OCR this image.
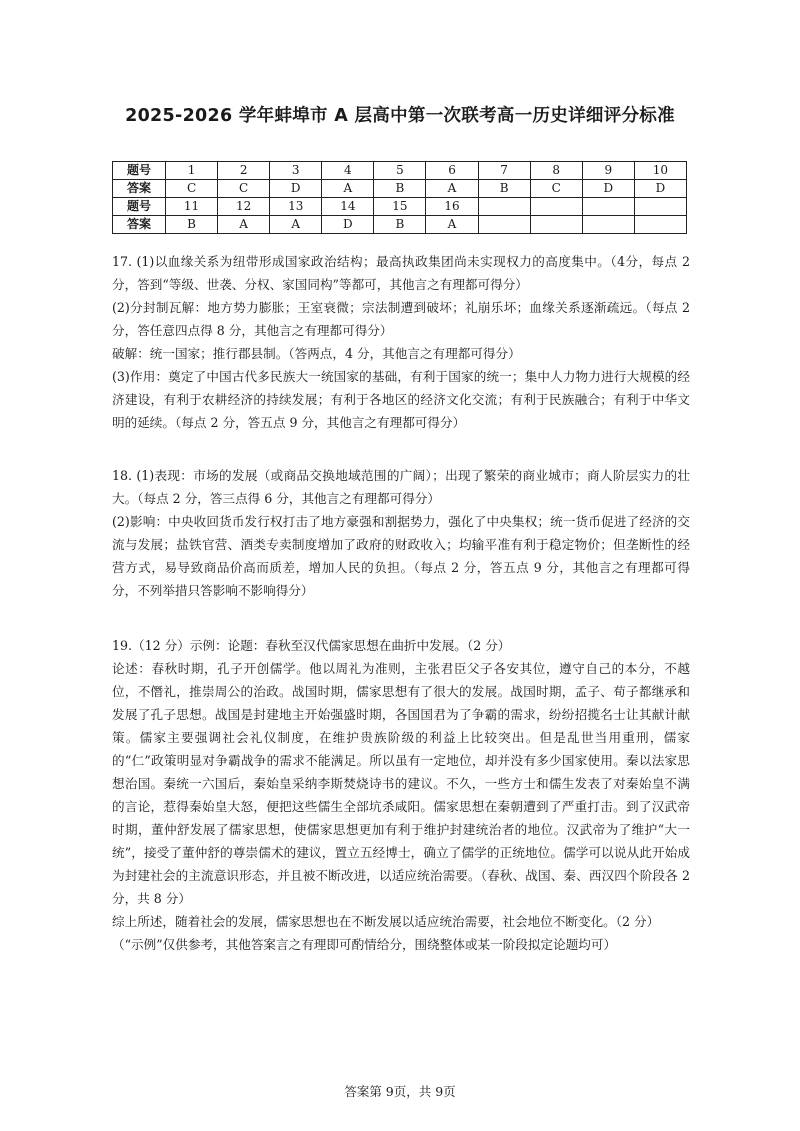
2025-2026 学年蚌埠市 A 层高中第一次联考高一历史详细评分标准
题号	1	2	3	4	5	6	7	8	9	10
答案	C	C	D	A	B	A	B	C	D	D
题号	11	12	13	14	15	16				
答案	B	A	A	D	B	A				

17. (1)以血缘关系为纽带形成国家政治结构；最高执政集团尚未实现权力的高度集中。（4分，每点 2 分，答到“等级、世袭、分权、家国同构”等都可，其他言之有理都可得分）

(2)分封制瓦解：地方势力膨胀；王室衰微；宗法制遭到破坏；礼崩乐坏；血缘关系逐渐疏远。（每点 2 分，答任意四点得 8 分，其他言之有理都可得分）

破解：统一国家；推行郡县制。（答两点，4 分，其他言之有理都可得分）

(3)作用：奠定了中国古代多民族大一统国家的基础，有利于国家的统一；集中人力物力进行大规模的经济建设，有利于农耕经济的持续发展；有利于各地区的经济文化交流；有利于民族融合；有利于中华文明的延续。（每点 2 分，答五点 9 分，其他言之有理都可得分）

18. (1)表现：市场的发展（或商品交换地域范围的广阔）；出现了繁荣的商业城市；商人阶层实力的壮大。（每点 2 分，答三点得 6 分，其他言之有理都可得分）

(2)影响：中央收回货币发行权打击了地方豪强和割据势力，强化了中央集权；统一货币促进了经济的交流与发展；盐铁官营、酒类专卖制度增加了政府的财政收入；均输平准有利于稳定物价；但垄断性的经营方式，易导致商品价高而质差，增加人民的负担。（每点 2 分，答五点 9 分，其他言之有理都可得分，不列举措只答影响不影响得分）

19.（12 分）示例：论题：春秋至汉代儒家思想在曲折中发展。（2 分）

论述：春秋时期，孔子开创儒学。他以周礼为准则，主张君臣父子各安其位，遵守自己的本分，不越位，不僭礼，推崇周公的治政。战国时期，儒家思想有了很大的发展。战国时期，孟子、荀子都继承和发展了孔子思想。战国是封建地主开始强盛时期，各国国君为了争霸的需求，纷纷招揽名士让其献计献策。儒家主要强调社会礼仪制度，在维护贵族阶级的利益上比较突出。但是乱世当用重刑，儒家的“仁”政策明显对争霸战争的需求不能满足。所以虽有一定地位，却并没有多少国家使用。秦以法家思想治国。秦统一六国后，秦始皇采纳李斯焚烧诗书的建议。不久，一些方士和儒生发表了对秦始皇不满的言论，惹得秦始皇大怒，便把这些儒生全部坑杀咸阳。儒家思想在秦朝遭到了严重打击。到了汉武帝时期，董仲舒发展了儒家思想，使儒家思想更加有利于维护封建统治者的地位。汉武帝为了维护“大一统”，接受了董仲舒的尊崇儒术的建议，置立五经博士，确立了儒学的正统地位。儒学可以说从此开始成为封建社会的主流意识形态，并且被不断改进，以适应统治需要。（春秋、战国、秦、西汉四个阶段各 2 分，共 8 分）

综上所述，随着社会的发展，儒家思想也在不断发展以适应统治需要，社会地位不断变化。（2 分）

（“示例”仅供参考，其他答案言之有理即可酌情给分，围绕整体或某一阶段拟定论题均可）

答案第 9页，共 9页
